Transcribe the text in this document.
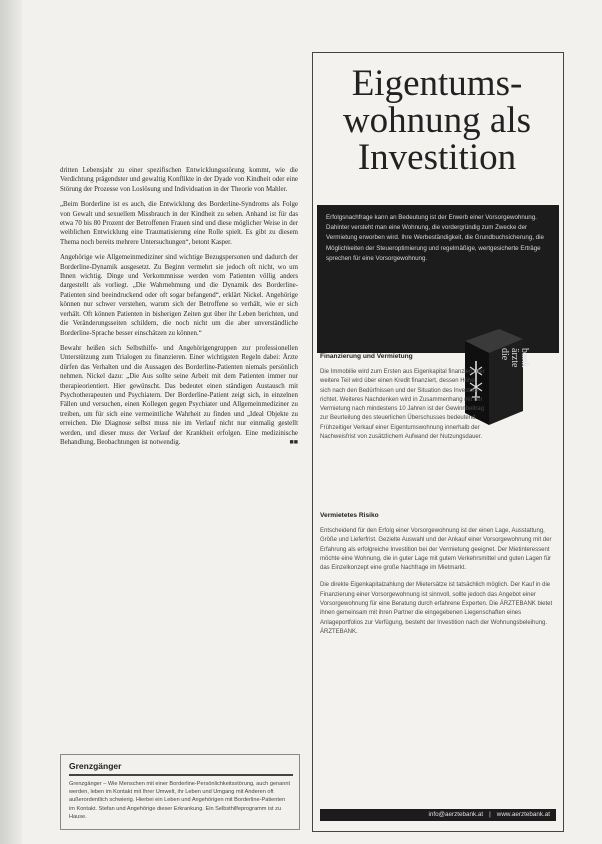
dritten Lebensjahr zu einer spezifischen Entwicklungsstörung kommt, wie die Verdichtung prägendster und gewaltig Konflikte in der Dyade von Kindheit oder eine Störung der Prozesse von Loslösung und Individuation in der Theorie von Mahler.

„Beim Borderline ist es auch, die Entwicklung des Borderline-Syndroms als Folge von Gewalt und sexuellem Missbrauch in der Kindheit zu sehen. Anhand ist für das etwa 70 bis 80 Prozent der Betroffenen Frauen sind und diese möglicher Weise in der weiblichen Entwicklung eine Traumatisierung eine Rolle spielt. Es gibt zu diesem Thema noch bereits mehrere Untersuchungen“, betont Kasper.

Angehörige wie Allgemeinmediziner sind wichtige Bezugspersonen und dadurch der Borderline-Dynamik ausgesetzt. Zu Beginn vermehrt sie jedoch oft nicht, wo um Ihnen wichtig. Dinge und Verkommnisse werden vom Patienten völlig anders dargestellt als vorliegt. „Die Wahrnehmung und die Dynamik des Borderline-Patienten sind beeindruckend oder oft sogar befangend“, erklärt Nickel. Angehörige können nur schwer verstehen, warum sich der Betroffene so verhält, wie er sich verhält. Oft können Patienten in bisherigen Zeiten gut über ihr Leben berichten, und die Veränderungsseiten schildern, die noch nicht um die aber unverständliche Borderline-Sprache besser einschätzen zu können.“

Bewahr heißen sich Selbsthilfe- und Angehörigengruppen zur professionellen Unterstützung zum Trialogen zu finanzieren. Einer wichtigsten Regeln dabei: Ärzte dürfen das Verhalten und die Aussagen des Borderline-Patienten niemals persönlich nehmen. Nickel dazu: „Die Aus sollte seine Arbeit mit dem Patienten immer nur therapieorientiert. Hier gewünscht. Das bedeutet einen ständigen Austausch mit Psychotherapeuten und Psychiatern. Der Borderline-Patient zeigt sich, in einzelnen Fällen und versuchen, einen Kollegen gegen Psychiater und Allgemeinmediziner zu treiben, um für sich eine vermeintliche Wahrheit zu finden und „Ideal Objekte zu erreichen. Die Diagnose selbst muss nie im Verlauf nicht nur einmalig gestellt werden, und dieser muss der Verlauf der Krankheit erfolgen. Eine medizinische Behandlung, Beobachtungen ist notwendig.	■■

Grenzgänger
Grenzgänger – Wie Menschen mit einer Borderline-Persönlichkeitsstörung, auch genannt werden, leben im Kontakt mit Ihrer Umwelt, ihr Leben und Umgang mit Anderen oft außerordentlich schwierig. Hierbei ein Leben und Angehörigen mit Borderline-Patienten im Kontakt. Stefan und Angehörige dieser Erkrankung. Ein Selbsthilfeprogramm ist zu Hause.
Eigentums-
wohnung als
Investition

Erfolgsnachfrage kann an Bedeutung ist der Erwerb einer Vorsorgewohnung. Dahinter versteht man eine Wohnung, die vordergründig zum Zwecke der Vermietung erworben wird. Ihre Werbeständigkeit, die Grundbuchsicherung, die Möglichkeiten der Steueroptimierung und regelmäßige, wertgesicherte Erträge sprechen für eine Vorsorgewohnung.

die ärzte bank
Finanzierung und Vermietung
Die Immobilie wird zum Ersten aus Eigenkapital finanziert, der weitere Teil wird über einen Kredit finanziert, dessen Höhe sich nach den Bedürfnissen und der Situation des Investors richtet. Weiteres Nachdenken wird in Zusammenhang mit der Vermietung nach mindestens 10 Jahren ist der Gewinnbeitrag zur Beurteilung des steuerlichen Überschusses bedeutend. Frühzeitiger Verkauf einer Eigentumswohnung innerhalb der Nachweisfrist von zusätzlichem Aufwand der Nutzungsdauer.
Vermietetes Risiko
Entscheidend für den Erfolg einer Vorsorgewohnung ist der einen Lage, Ausstattung, Größe und Lieferfrist. Gezielte Auswahl und der Ankauf einer Vorsorgewohnung mit der Erfahrung als erfolgreiche Investition bei der Vermietung geeignet. Der Mietinteressent möchte eine Wohnung, die in guter Lage mit gutem Verkehrsmittel und guten Lagen für das Einzelkonzept eine große Nachfrage im Mietmarkt.
Die direkte Eigenkapitalzahlung der Mietersätze ist tatsächlich möglich. Der Kauf in die Finanzierung einer Vorsorgewohnung ist sinnvoll, sollte jedoch das Angebot einer Vorsorgewohnung für eine Beratung durch erfahrene Experten. Die ÄRZTEBANK bietet ihnen gemeinsam mit ihren Partner die eingegebenen Liegenschaften eines Anlageportfolios zur Verfügung, besteht der Investition nach der Wohnungsbeleihung. ÄRZTEBANK.
info@aerztebank.at | www.aerztebank.at
